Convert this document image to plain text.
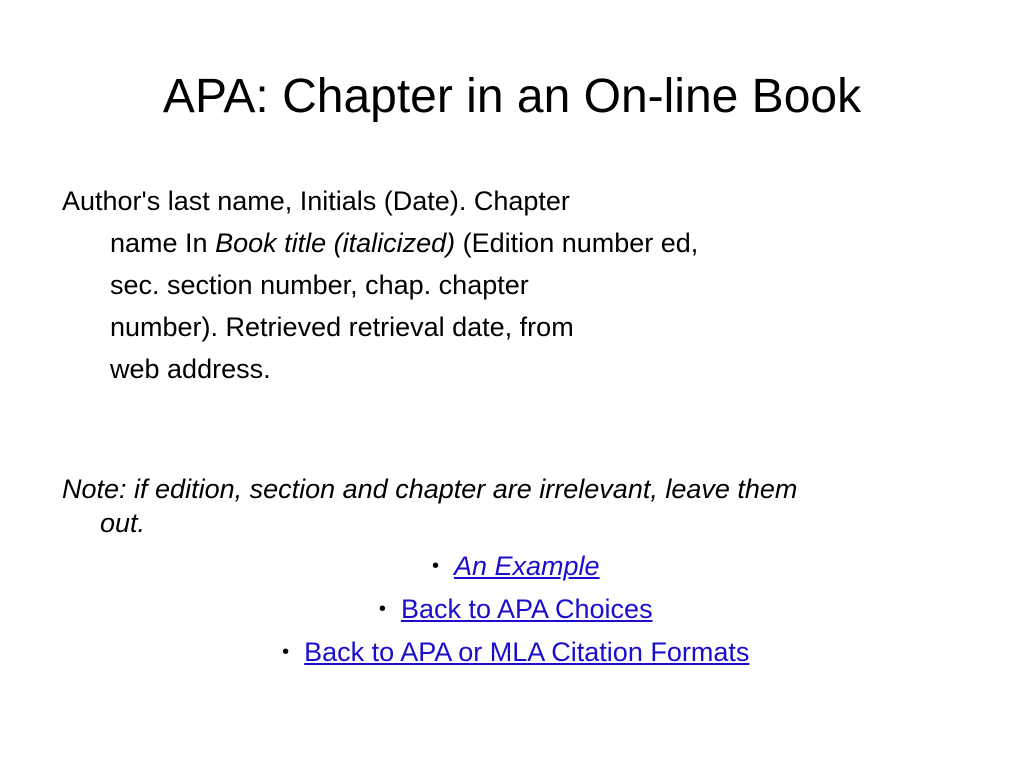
APA: Chapter in an On-line Book
Author's last name, Initials (Date). Chapter
name In Book title (italicized) (Edition number ed,
sec. section number, chap. chapter
number). Retrieved retrieval date, from
web address.
Note: if edition, section and chapter are irrelevant, leave them
out.
• An Example
• Back to APA Choices
• Back to APA or MLA Citation Formats
